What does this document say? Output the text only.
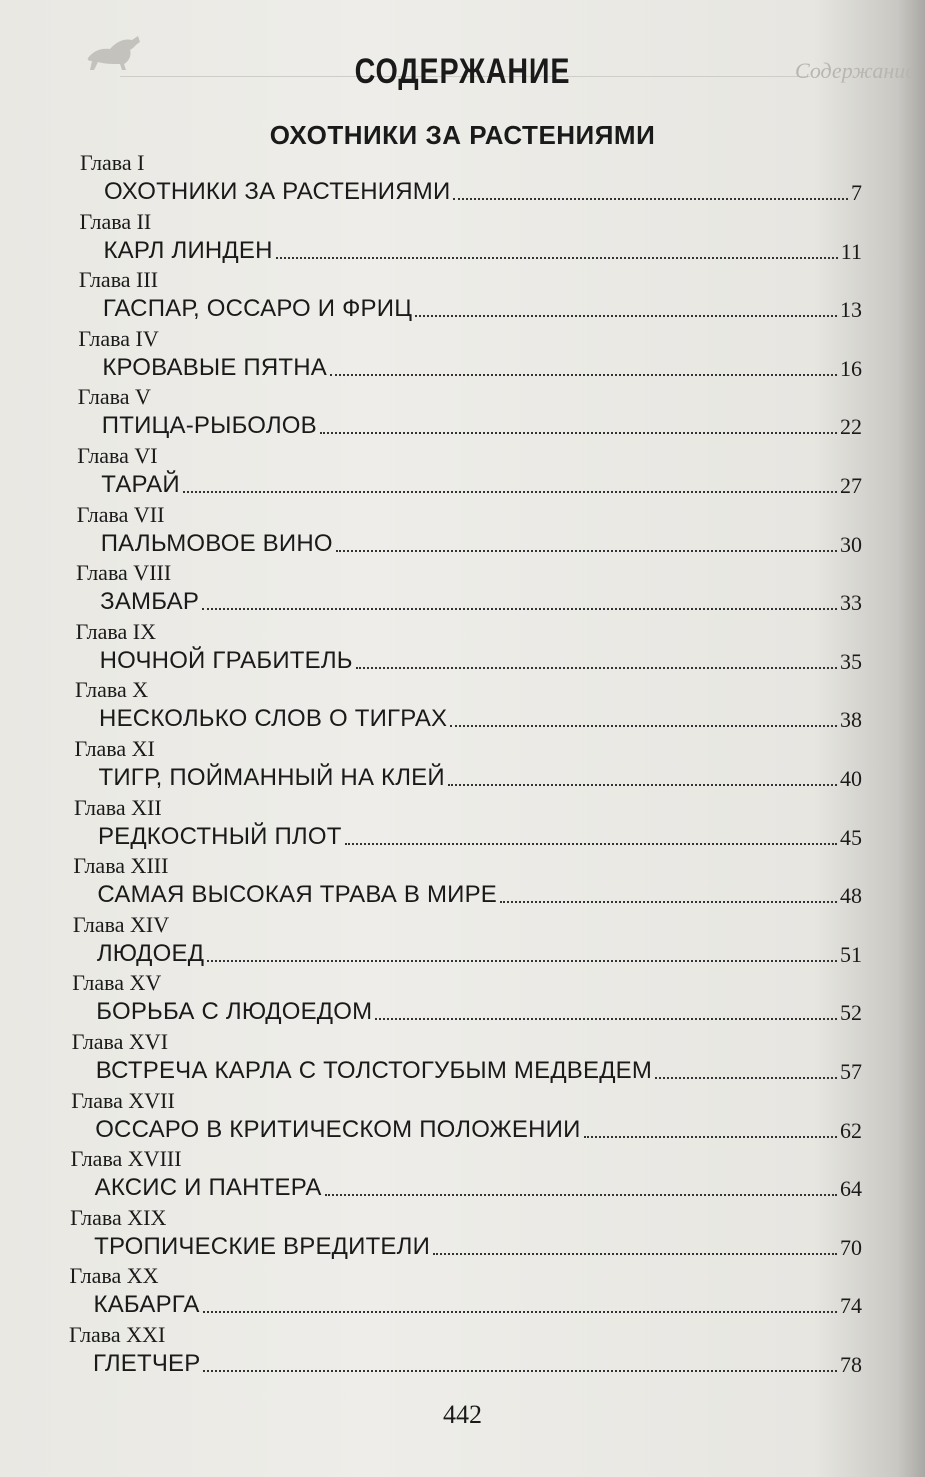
Содержание
СОДЕРЖАНИЕ
ОХОТНИКИ ЗА РАСТЕНИЯМИ
Глава I
ОХОТНИКИ ЗА РАСТЕНИЯМИ	7
Глава II
КАРЛ ЛИНДЕН	11
Глава III
ГАСПАР, ОССАРО И ФРИЦ	13
Глава IV
КРОВАВЫЕ ПЯТНА	16
Глава V
ПТИЦА-РЫБОЛОВ	22
Глава VI
ТАРАЙ	27
Глава VII
ПАЛЬМОВОЕ ВИНО	30
Глава VIII
ЗАМБАР	33
Глава IX
НОЧНОЙ ГРАБИТЕЛЬ	35
Глава X
НЕСКОЛЬКО СЛОВ О ТИГРАХ	38
Глава XI
ТИГР, ПОЙМАННЫЙ НА КЛЕЙ	40
Глава XII
РЕДКОСТНЫЙ ПЛОТ	45
Глава XIII
САМАЯ ВЫСОКАЯ ТРАВА В МИРЕ	48
Глава XIV
ЛЮДОЕД	51
Глава XV
БОРЬБА С ЛЮДОЕДОМ	52
Глава XVI
ВСТРЕЧА КАРЛА С ТОЛСТОГУБЫМ МЕДВЕДЕМ	57
Глава XVII
ОССАРО В КРИТИЧЕСКОМ ПОЛОЖЕНИИ	62
Глава XVIII
АКСИС И ПАНТЕРА	64
Глава XIX
ТРОПИЧЕСКИЕ ВРЕДИТЕЛИ	70
Глава XX
КАБАРГА	74
Глава XXI
ГЛЕТЧЕР	78
442
